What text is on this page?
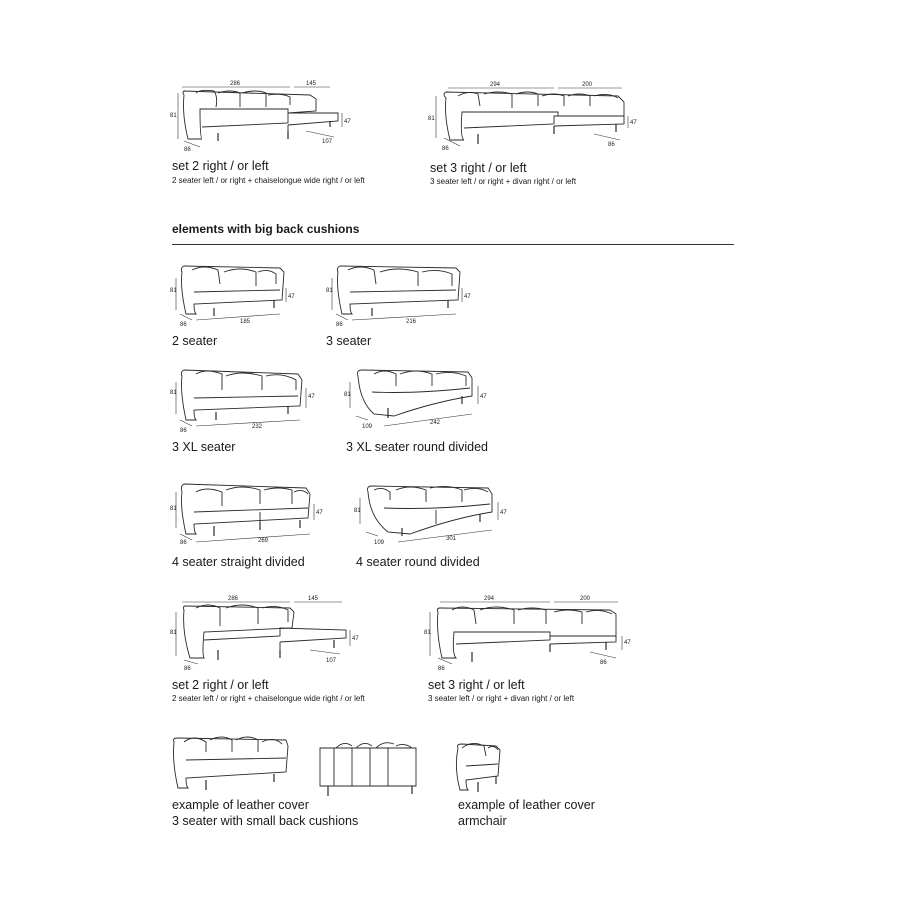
286	145
81
47
86
107
set 2 right / or left
2 seater left / or right + chaiselongue wide right / or left
294	200
81
47
86
86
set 3 right / or left
3 seater left / or right + divan right / or left
elements with big back cushions
81
47
86	185
2 seater
81
47
86	216
3 seater
81
47
86
232
3 XL seater
81	47
109
242
3 XL seater round divided
81
47
86	269
4 seater straight divided
81	47
109
301
4 seater round divided
286	145
81
47
86
107
set 2 right / or left
2 seater left / or right + chaiselongue wide right / or left
294	200
81
47
86
86
set 3 right / or left
3 seater left / or right + divan right / or left
example of leather cover
3 seater with small back cushions
example of leather cover
armchair
